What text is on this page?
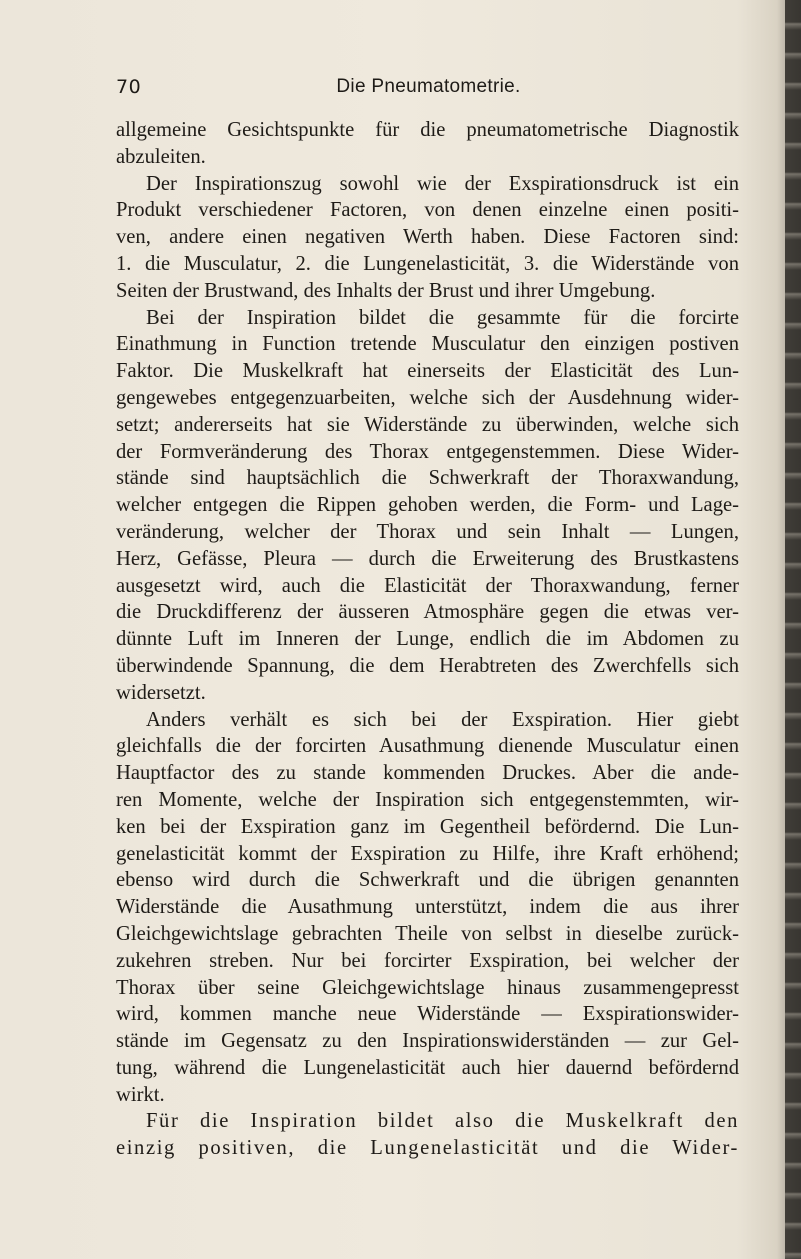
70	Die Pneumatometrie.
allgemeine Gesichtspunkte für die pneumatometrische Diagnostik
abzuleiten.
Der Inspirationszug sowohl wie der Exspirationsdruck ist ein
Produkt verschiedener Factoren, von denen einzelne einen positi-
ven, andere einen negativen Werth haben. Diese Factoren sind:
1. die Musculatur, 2. die Lungenelasticität, 3. die Widerstände von
Seiten der Brustwand, des Inhalts der Brust und ihrer Umgebung.
Bei der Inspiration bildet die gesammte für die forcirte
Einathmung in Function tretende Musculatur den einzigen postiven
Faktor. Die Muskelkraft hat einerseits der Elasticität des Lun-
gengewebes entgegenzuarbeiten, welche sich der Ausdehnung wider-
setzt; andererseits hat sie Widerstände zu überwinden, welche sich
der Formveränderung des Thorax entgegenstemmen. Diese Wider-
stände sind hauptsächlich die Schwerkraft der Thoraxwandung,
welcher entgegen die Rippen gehoben werden, die Form- und Lage-
veränderung, welcher der Thorax und sein Inhalt — Lungen,
Herz, Gefässe, Pleura — durch die Erweiterung des Brustkastens
ausgesetzt wird, auch die Elasticität der Thoraxwandung, ferner
die Druckdifferenz der äusseren Atmosphäre gegen die etwas ver-
dünnte Luft im Inneren der Lunge, endlich die im Abdomen zu
überwindende Spannung, die dem Herabtreten des Zwerchfells sich
widersetzt.
Anders verhält es sich bei der Exspiration. Hier giebt
gleichfalls die der forcirten Ausathmung dienende Musculatur einen
Hauptfactor des zu stande kommenden Druckes. Aber die ande-
ren Momente, welche der Inspiration sich entgegenstemmten, wir-
ken bei der Exspiration ganz im Gegentheil befördernd. Die Lun-
genelasticität kommt der Exspiration zu Hilfe, ihre Kraft erhöhend;
ebenso wird durch die Schwerkraft und die übrigen genannten
Widerstände die Ausathmung unterstützt, indem die aus ihrer
Gleichgewichtslage gebrachten Theile von selbst in dieselbe zurück-
zukehren streben. Nur bei forcirter Exspiration, bei welcher der
Thorax über seine Gleichgewichtslage hinaus zusammengepresst
wird, kommen manche neue Widerstände — Exspirationswider-
stände im Gegensatz zu den Inspirationswiderständen — zur Gel-
tung, während die Lungenelasticität auch hier dauernd befördernd
wirkt.
Für die Inspiration bildet also die Muskelkraft den
einzig positiven, die Lungenelasticität und die Wider-
